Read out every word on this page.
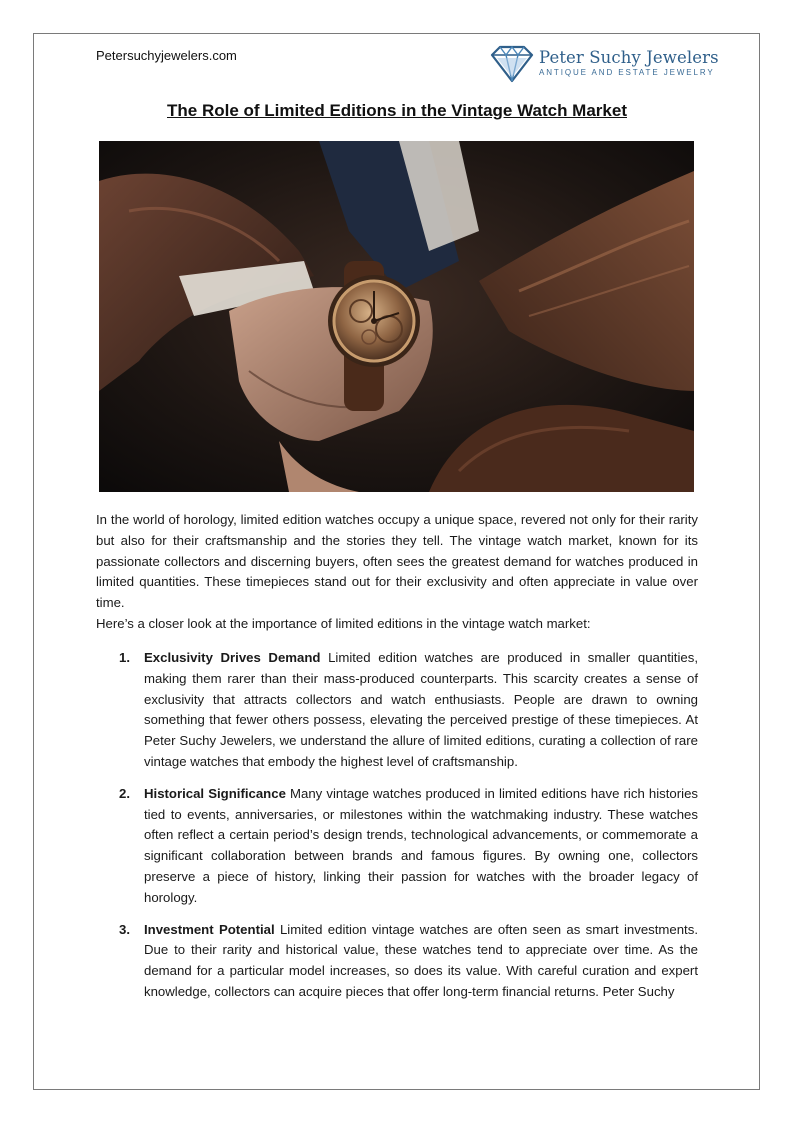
Petersuchyjewelers.com	Peter Suchy Jewelers
ANTIQUE AND ESTATE JEWELRY
The Role of Limited Editions in the Vintage Watch Market

In the world of horology, limited edition watches occupy a unique space, revered not only for their rarity but also for their craftsmanship and the stories they tell. The vintage watch market, known for its passionate collectors and discerning buyers, often sees the greatest demand for watches produced in limited quantities. These timepieces stand out for their exclusivity and often appreciate in value over time.

Here’s a closer look at the importance of limited editions in the vintage watch market:

1. Exclusivity Drives Demand Limited edition watches are produced in smaller quantities, making them rarer than their mass-produced counterparts. This scarcity creates a sense of exclusivity that attracts collectors and watch enthusiasts. People are drawn to owning something that fewer others possess, elevating the perceived prestige of these timepieces. At Peter Suchy Jewelers, we understand the allure of limited editions, curating a collection of rare vintage watches that embody the highest level of craftsmanship.
2. Historical Significance Many vintage watches produced in limited editions have rich histories tied to events, anniversaries, or milestones within the watchmaking industry. These watches often reflect a certain period’s design trends, technological advancements, or commemorate a significant collaboration between brands and famous figures. By owning one, collectors preserve a piece of history, linking their passion for watches with the broader legacy of horology.
3. Investment Potential Limited edition vintage watches are often seen as smart investments. Due to their rarity and historical value, these watches tend to appreciate over time. As the demand for a particular model increases, so does its value. With careful curation and expert knowledge, collectors can acquire pieces that offer long-term financial returns. Peter Suchy
